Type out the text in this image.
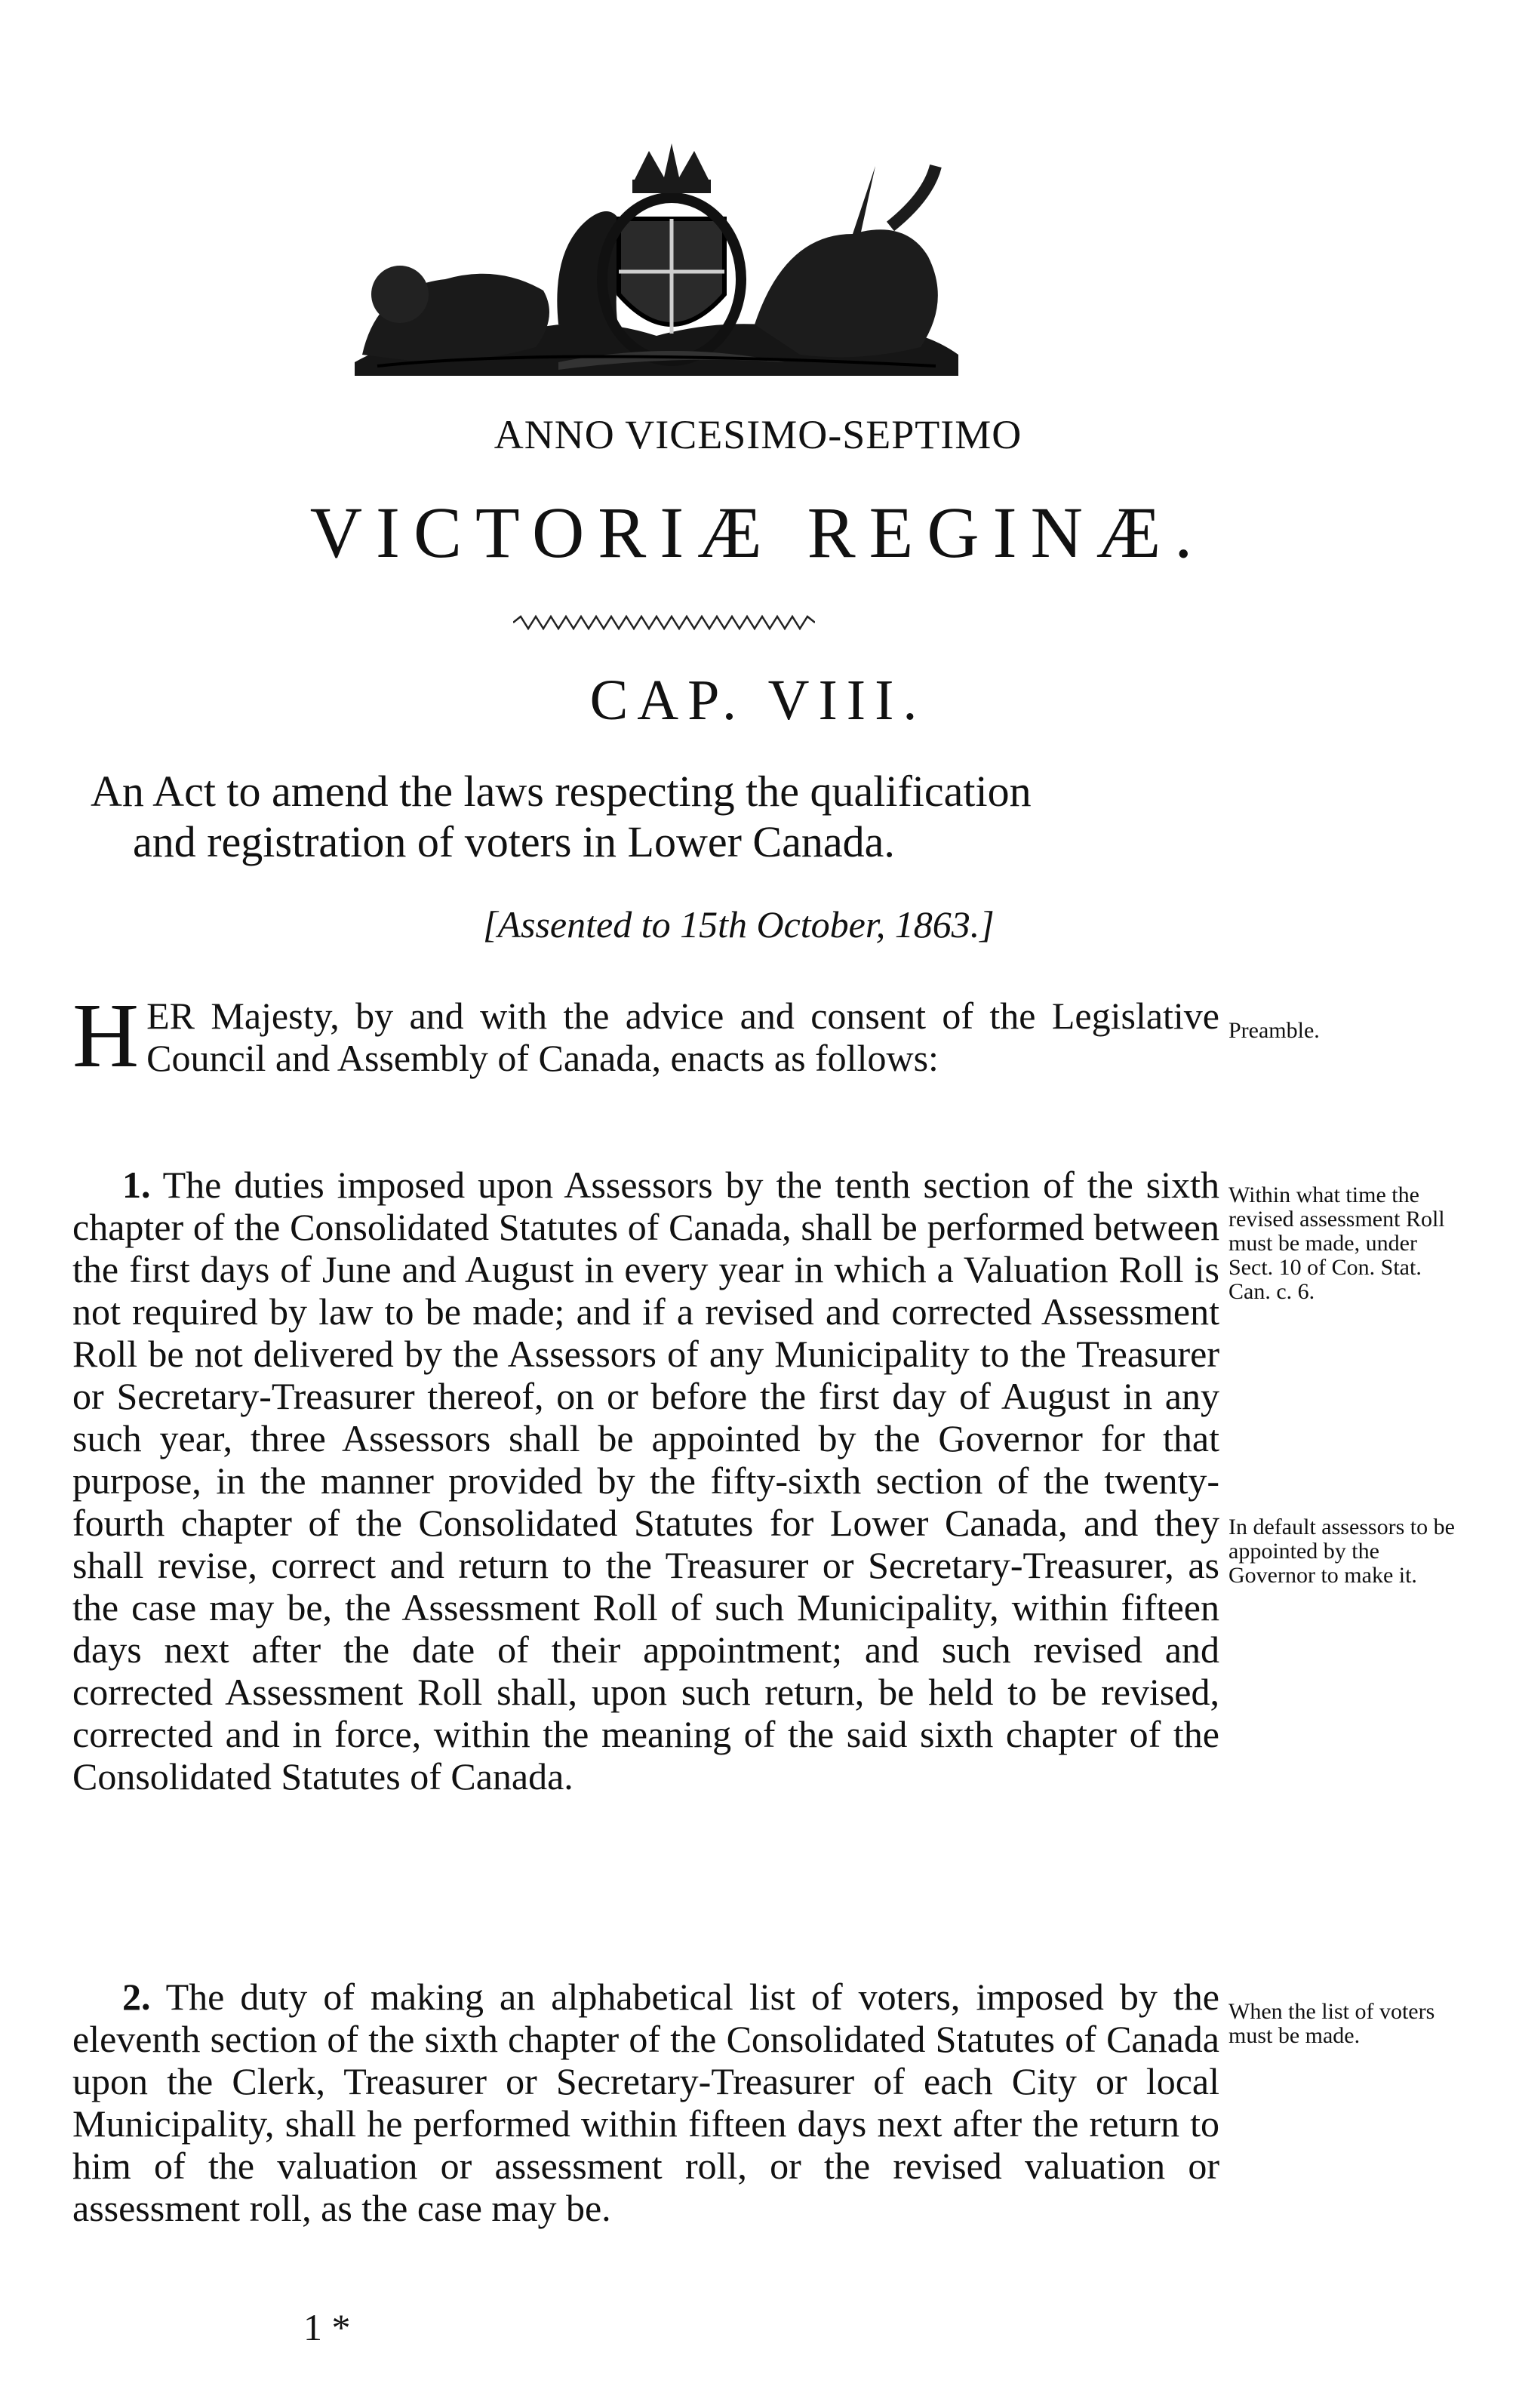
ANNO VICESIMO-SEPTIMO
VICTORIÆ REGINÆ.
CAP. VIII.
An Act to amend the laws respecting the qualification
and registration of voters in Lower Canada.
[Assented to 15th October, 1863.]
HER Majesty, by and with the advice and consent of the Legislative Council and Assembly of Canada, enacts as follows:
Preamble.
1. The duties imposed upon Assessors by the tenth section of the sixth chapter of the Consolidated Statutes of Canada, shall be performed between the first days of June and August in every year in which a Valuation Roll is not required by law to be made; and if a revised and corrected Assessment Roll be not delivered by the Assessors of any Municipality to the Treasurer or Secretary-Treasurer thereof, on or before the first day of August in any such year, three Assessors shall be appointed by the Governor for that purpose, in the manner provided by the fifty-sixth section of the twenty-fourth chapter of the Consolidated Statutes for Lower Canada, and they shall revise, correct and return to the Treasurer or Secretary-Treasurer, as the case may be, the Assessment Roll of such Municipality, within fifteen days next after the date of their appointment; and such revised and corrected Assessment Roll shall, upon such return, be held to be revised, corrected and in force, within the meaning of the said sixth chapter of the Consolidated Statutes of Canada.
Within what time the revised assessment Roll must be made, under Sect. 10 of Con. Stat. Can. c. 6.
In default assessors to be appointed by the Governor to make it.
2. The duty of making an alphabetical list of voters, imposed by the eleventh section of the sixth chapter of the Consolidated Statutes of Canada upon the Clerk, Treasurer or Secretary-Treasurer of each City or local Municipality, shall he performed within fifteen days next after the return to him of the valuation or assessment roll, or the revised valuation or assessment roll, as the case may be.
When the list of voters must be made.
1 *
